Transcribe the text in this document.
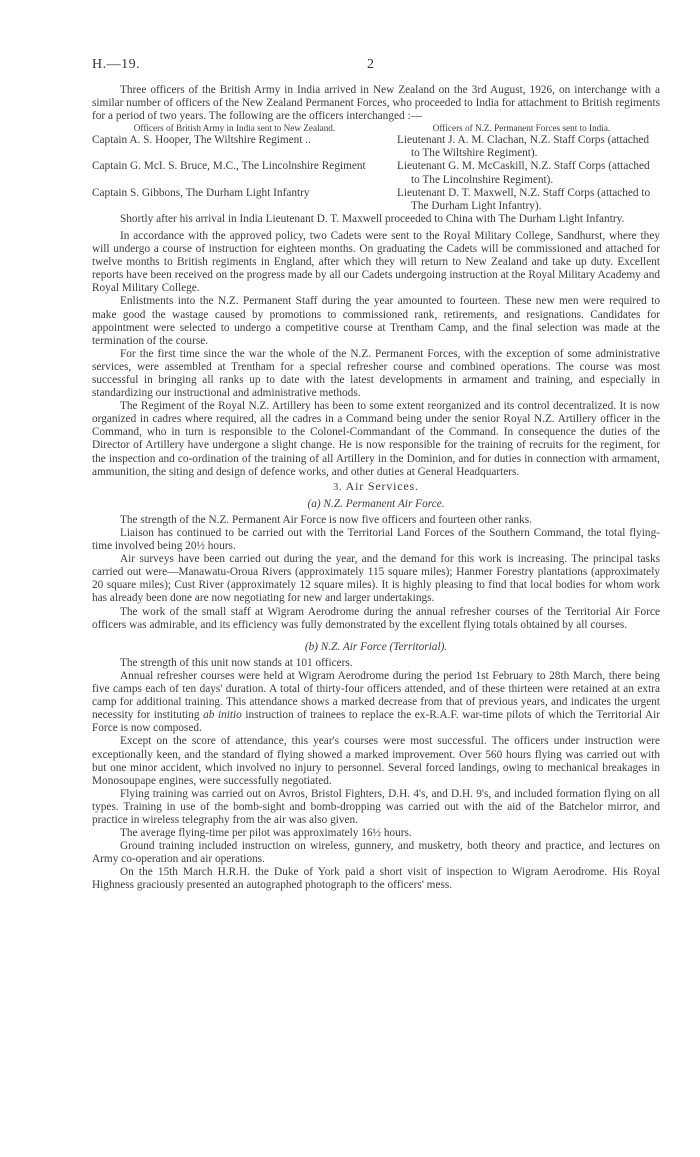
H.—19.	2

Three officers of the British Army in India arrived in New Zealand on the 3rd August, 1926, on interchange with a similar number of officers of the New Zealand Permanent Forces, who proceeded to India for attachment to British regiments for a period of two years. The following are the officers interchanged :—

Officers of British Army in India sent to New Zealand.	Officers of N.Z. Permanent Forces sent to India.
Captain A. S. Hooper, The Wiltshire Regiment ..	Lieutenant J. A. M. Clachan, N.Z. Staff Corps (attached to The Wiltshire Regiment).
Captain G. McI. S. Bruce, M.C., The Lincolnshire Regiment	Lieutenant G. M. McCaskill, N.Z. Staff Corps (attached to The Lincolnshire Regiment).
Captain S. Gibbons, The Durham Light Infantry	Lieutenant D. T. Maxwell, N.Z. Staff Corps (attached to The Durham Light Infantry).

Shortly after his arrival in India Lieutenant D. T. Maxwell proceeded to China with The Durham Light Infantry.

In accordance with the approved policy, two Cadets were sent to the Royal Military College, Sandhurst, where they will undergo a course of instruction for eighteen months. On graduating the Cadets will be commissioned and attached for twelve months to British regiments in England, after which they will return to New Zealand and take up duty. Excellent reports have been received on the progress made by all our Cadets undergoing instruction at the Royal Military Academy and Royal Military College.

Enlistments into the N.Z. Permanent Staff during the year amounted to fourteen. These new men were required to make good the wastage caused by promotions to commissioned rank, retirements, and resignations. Candidates for appointment were selected to undergo a competitive course at Trentham Camp, and the final selection was made at the termination of the course.

For the first time since the war the whole of the N.Z. Permanent Forces, with the exception of some administrative services, were assembled at Trentham for a special refresher course and combined operations. The course was most successful in bringing all ranks up to date with the latest developments in armament and training, and especially in standardizing our instructional and administrative methods.

The Regiment of the Royal N.Z. Artillery has been to some extent reorganized and its control decentralized. It is now organized in cadres where required, all the cadres in a Command being under the senior Royal N.Z. Artillery officer in the Command, who in turn is responsible to the Colonel-Commandant of the Command. In consequence the duties of the Director of Artillery have undergone a slight change. He is now responsible for the training of recruits for the regiment, for the inspection and co-ordination of the training of all Artillery in the Dominion, and for duties in connection with armament, ammunition, the siting and design of defence works, and other duties at General Headquarters.

3. Air Services.
(a) N.Z. Permanent Air Force.

The strength of the N.Z. Permanent Air Force is now five officers and fourteen other ranks.

Liaison has continued to be carried out with the Territorial Land Forces of the Southern Command, the total flying-time involved being 20½ hours.

Air surveys have been carried out during the year, and the demand for this work is increasing. The principal tasks carried out were—Manawatu-Oroua Rivers (approximately 115 square miles); Hanmer Forestry plantations (approximately 20 square miles); Cust River (approximately 12 square miles). It is highly pleasing to find that local bodies for whom work has already been done are now negotiating for new and larger undertakings.

The work of the small staff at Wigram Aerodrome during the annual refresher courses of the Territorial Air Force officers was admirable, and its efficiency was fully demonstrated by the excellent flying totals obtained by all courses.

(b) N.Z. Air Force (Territorial).

The strength of this unit now stands at 101 officers.

Annual refresher courses were held at Wigram Aerodrome during the period 1st February to 28th March, there being five camps each of ten days' duration. A total of thirty-four officers attended, and of these thirteen were retained at an extra camp for additional training. This attendance shows a marked decrease from that of previous years, and indicates the urgent necessity for instituting ab initio instruction of trainees to replace the ex-R.A.F. war-time pilots of which the Territorial Air Force is now composed.

Except on the score of attendance, this year's courses were most successful. The officers under instruction were exceptionally keen, and the standard of flying showed a marked improvement. Over 560 hours flying was carried out with but one minor accident, which involved no injury to personnel. Several forced landings, owing to mechanical breakages in Monosoupape engines, were successfully negotiated.

Flying training was carried out on Avros, Bristol Fighters, D.H. 4's, and D.H. 9's, and included formation flying on all types. Training in use of the bomb-sight and bomb-dropping was carried out with the aid of the Batchelor mirror, and practice in wireless telegraphy from the air was also given.

The average flying-time per pilot was approximately 16½ hours.

Ground training included instruction on wireless, gunnery, and musketry, both theory and practice, and lectures on Army co-operation and air operations.

On the 15th March H.R.H. the Duke of York paid a short visit of inspection to Wigram Aerodrome. His Royal Highness graciously presented an autographed photograph to the officers' mess.
